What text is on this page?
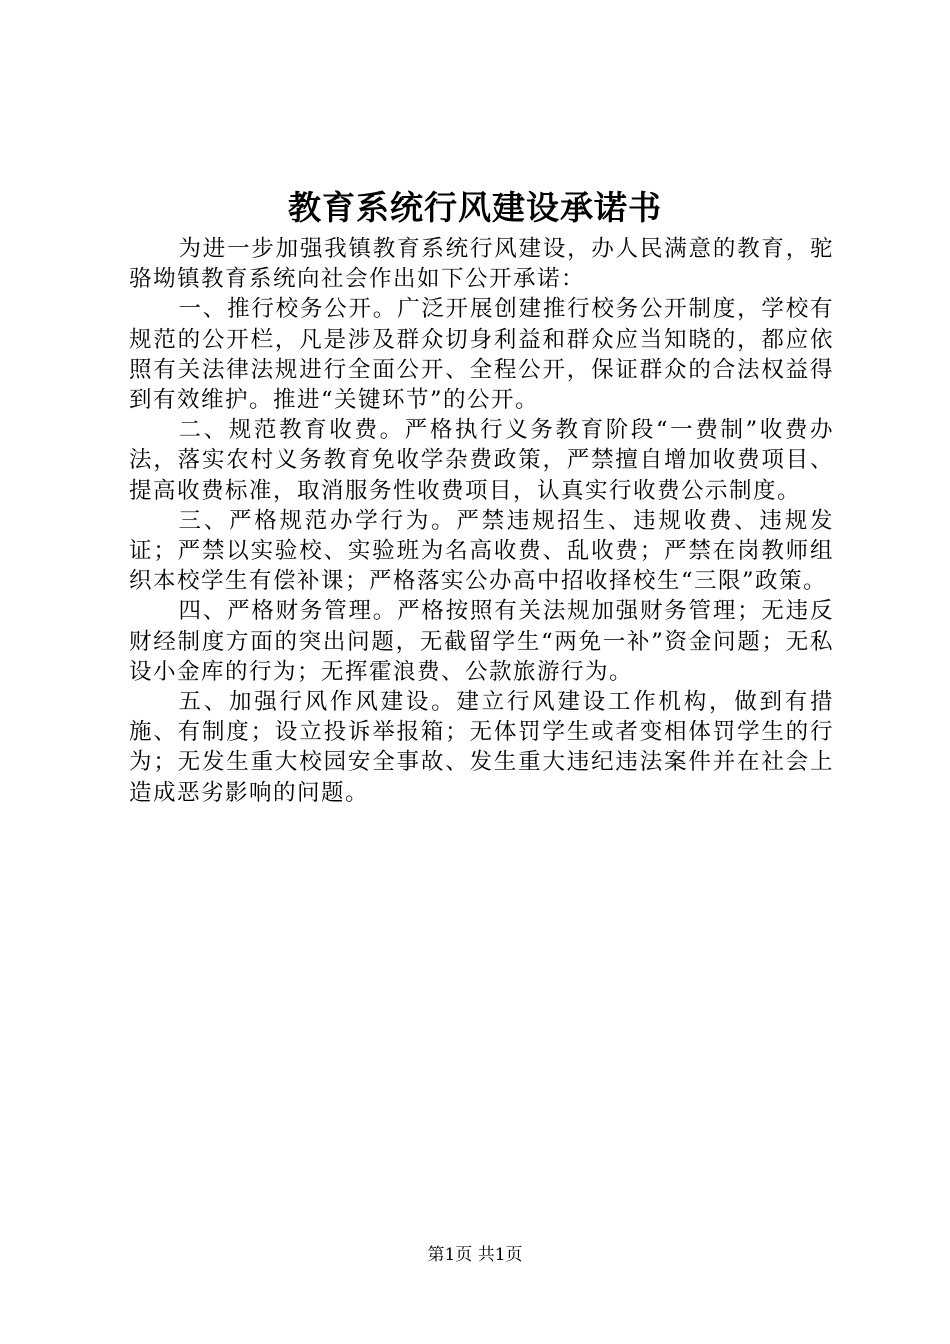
教育系统行风建设承诺书

为进一步加强我镇教育系统行风建设，办人民满意的教育，驼骆坳镇教育系统向社会作出如下公开承诺：

一、推行校务公开。广泛开展创建推行校务公开制度，学校有规范的公开栏，凡是涉及群众切身利益和群众应当知晓的，都应依照有关法律法规进行全面公开、全程公开，保证群众的合法权益得到有效维护。推进“关键环节”的公开。

二、规范教育收费。严格执行义务教育阶段“一费制”收费办法，落实农村义务教育免收学杂费政策，严禁擅自增加收费项目、提高收费标准，取消服务性收费项目，认真实行收费公示制度。

三、严格规范办学行为。严禁违规招生、违规收费、违规发证；严禁以实验校、实验班为名高收费、乱收费；严禁在岗教师组织本校学生有偿补课；严格落实公办高中招收择校生“三限”政策。

四、严格财务管理。严格按照有关法规加强财务管理；无违反财经制度方面的突出问题，无截留学生“两免一补”资金问题；无私设小金库的行为；无挥霍浪费、公款旅游行为。

五、加强行风作风建设。建立行风建设工作机构，做到有措施、有制度；设立投诉举报箱；无体罚学生或者变相体罚学生的行为；无发生重大校园安全事故、发生重大违纪违法案件并在社会上造成恶劣影响的问题。

第1页 共1页
